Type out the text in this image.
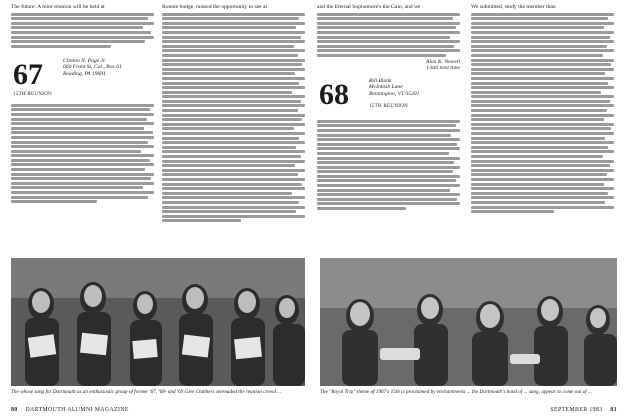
The future: A mini-reunion will be held at
67	Clinton N. Page Jr.
660 Front St. Col., Box 61
Reading, PA 19601
15TH REUNION
Ronnie budge, missed the opportunity to see at	and the Eternal Sophomore's the Gain, and we
Alan K. Newell
Until next time
68	Bill Blank
McIntosh Lane
Bennington, VT 05201
15TH REUNION
We submitted, study the member than
The whose song for Dartmouth as an enthusiastic group of former '67, '68- and '69 Glee Clubbers serenaded the reunion crowd ...	The "Royal Trip" theme of 1967's 15th is proclaimed by enchantments ... the Dartmouth's band of ... sung, appear to come out of ...
80 DARTMOUTH ALUMNI MAGAZINE	SEPTEMBER 1983 81
